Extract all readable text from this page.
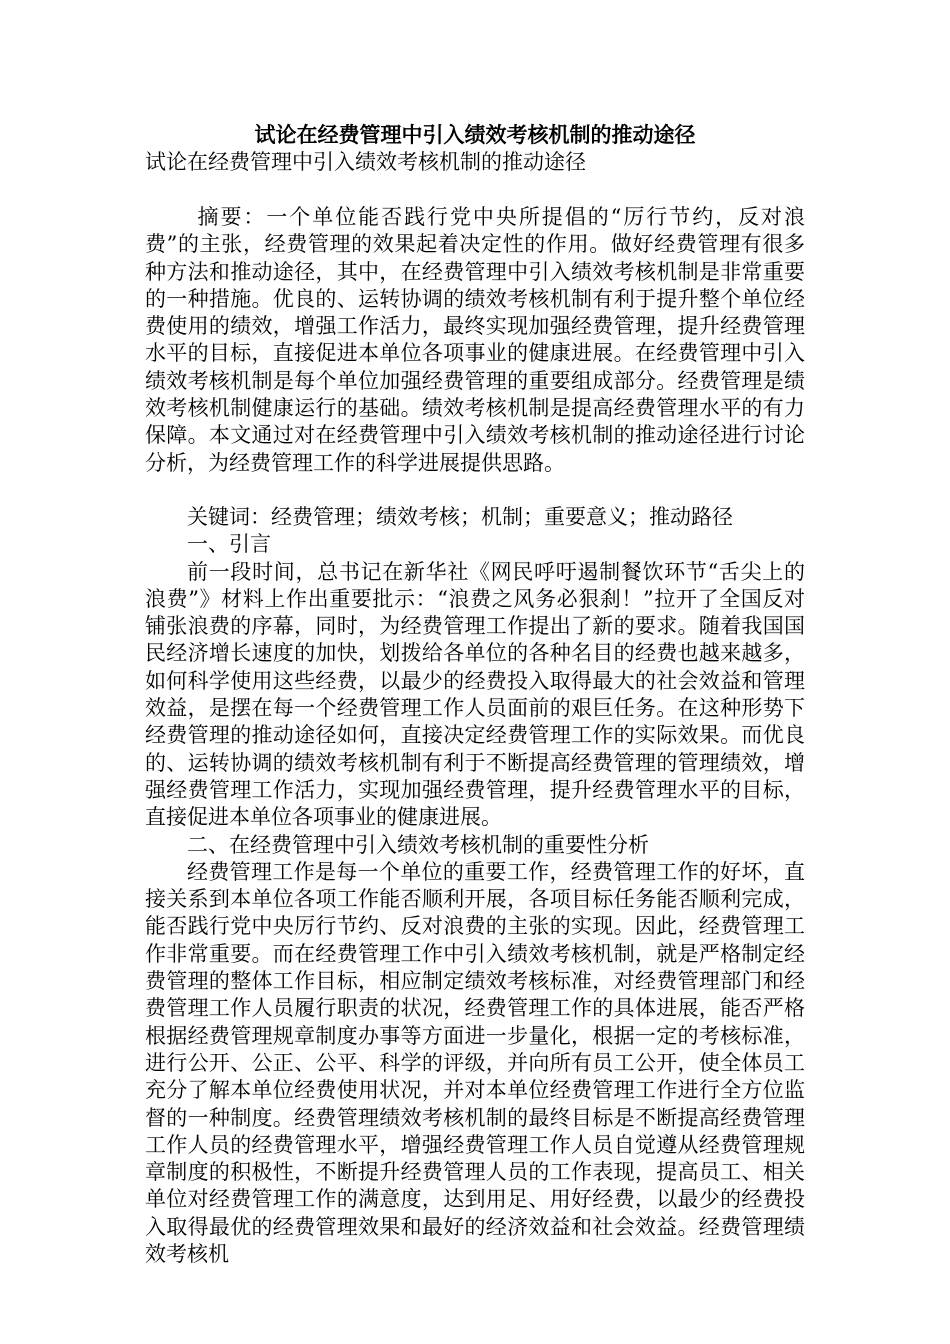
试论在经费管理中引入绩效考核机制的推动途径

试论在经费管理中引入绩效考核机制的推动途径

摘要：一个单位能否践行党中央所提倡的“厉行节约，反对浪费”的主张，经费管理的效果起着决定性的作用。做好经费管理有很多种方法和推动途径，其中，在经费管理中引入绩效考核机制是非常重要的一种措施。优良的、运转协调的绩效考核机制有利于提升整个单位经费使用的绩效，增强工作活力，最终实现加强经费管理，提升经费管理水平的目标，直接促进本单位各项事业的健康进展。在经费管理中引入绩效考核机制是每个单位加强经费管理的重要组成部分。经费管理是绩效考核机制健康运行的基础。绩效考核机制是提高经费管理水平的有力保障。本文通过对在经费管理中引入绩效考核机制的推动途径进行讨论分析，为经费管理工作的科学进展提供思路。

关键词：经费管理；绩效考核；机制；重要意义；推动路径

一、引言

前一段时间，总书记在新华社《网民呼吁遏制餐饮环节“舌尖上的浪费”》材料上作出重要批示：“浪费之风务必狠刹！”拉开了全国反对铺张浪费的序幕，同时，为经费管理工作提出了新的要求。随着我国国民经济增长速度的加快，划拨给各单位的各种名目的经费也越来越多，如何科学使用这些经费，以最少的经费投入取得最大的社会效益和管理效益，是摆在每一个经费管理工作人员面前的艰巨任务。在这种形势下经费管理的推动途径如何，直接决定经费管理工作的实际效果。而优良的、运转协调的绩效考核机制有利于不断提高经费管理的管理绩效，增强经费管理工作活力，实现加强经费管理，提升经费管理水平的目标，直接促进本单位各项事业的健康进展。

二、在经费管理中引入绩效考核机制的重要性分析

经费管理工作是每一个单位的重要工作，经费管理工作的好坏，直接关系到本单位各项工作能否顺利开展，各项目标任务能否顺利完成，能否践行党中央厉行节约、反对浪费的主张的实现。因此，经费管理工作非常重要。而在经费管理工作中引入绩效考核机制，就是严格制定经费管理的整体工作目标，相应制定绩效考核标准，对经费管理部门和经费管理工作人员履行职责的状况，经费管理工作的具体进展，能否严格根据经费管理规章制度办事等方面进一步量化，根据一定的考核标准，进行公开、公正、公平、科学的评级，并向所有员工公开，使全体员工充分了解本单位经费使用状况，并对本单位经费管理工作进行全方位监督的一种制度。经费管理绩效考核机制的最终目标是不断提高经费管理工作人员的经费管理水平，增强经费管理工作人员自觉遵从经费管理规章制度的积极性，不断提升经费管理人员的工作表现，提高员工、相关单位对经费管理工作的满意度，达到用足、用好经费，以最少的经费投入取得最优的经费管理效果和最好的经济效益和社会效益。经费管理绩效考核机
